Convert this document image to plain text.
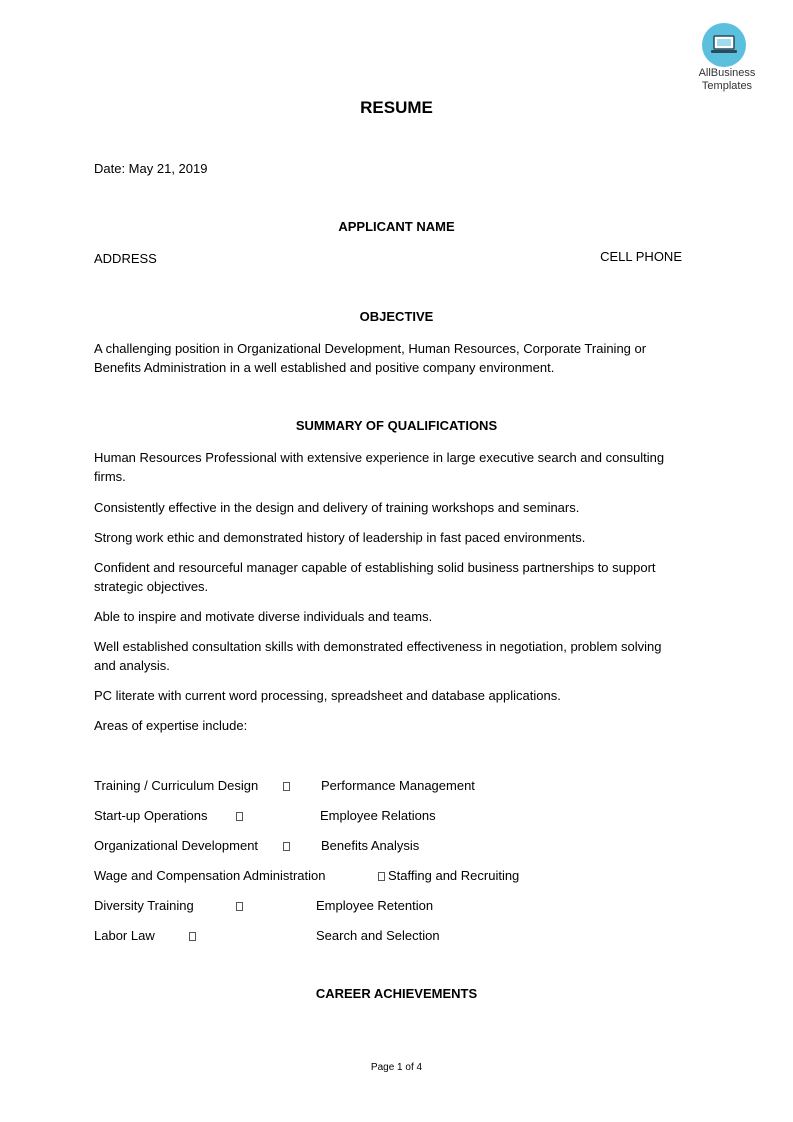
AllBusiness
Templates
RESUME
Date: May 21, 2019
APPLICANT NAME
ADDRESS	CELL PHONE
OBJECTIVE
A challenging position in Organizational Development, Human Resources, Corporate Training or
Benefits Administration in a well established and positive company environment.
SUMMARY OF QUALIFICATIONS
Human Resources Professional with extensive experience in large executive search and consulting
firms.
Consistently effective in the design and delivery of training workshops and seminars.
Strong work ethic and demonstrated history of leadership in fast paced environments.
Confident and resourceful manager capable of establishing solid business partnerships to support
strategic objectives.
Able to inspire and motivate diverse individuals and teams.
Well established consultation skills with demonstrated effectiveness in negotiation, problem solving
and analysis.
PC literate with current word processing, spreadsheet and database applications.
Areas of expertise include:
Training / Curriculum Design	Performance Management
Start-up Operations	Employee Relations
Organizational Development	Benefits Analysis
Wage and Compensation Administration	Staffing and Recruiting
Diversity Training	Employee Retention
Labor Law	Search and Selection
CAREER ACHIEVEMENTS
Page 1 of 4
